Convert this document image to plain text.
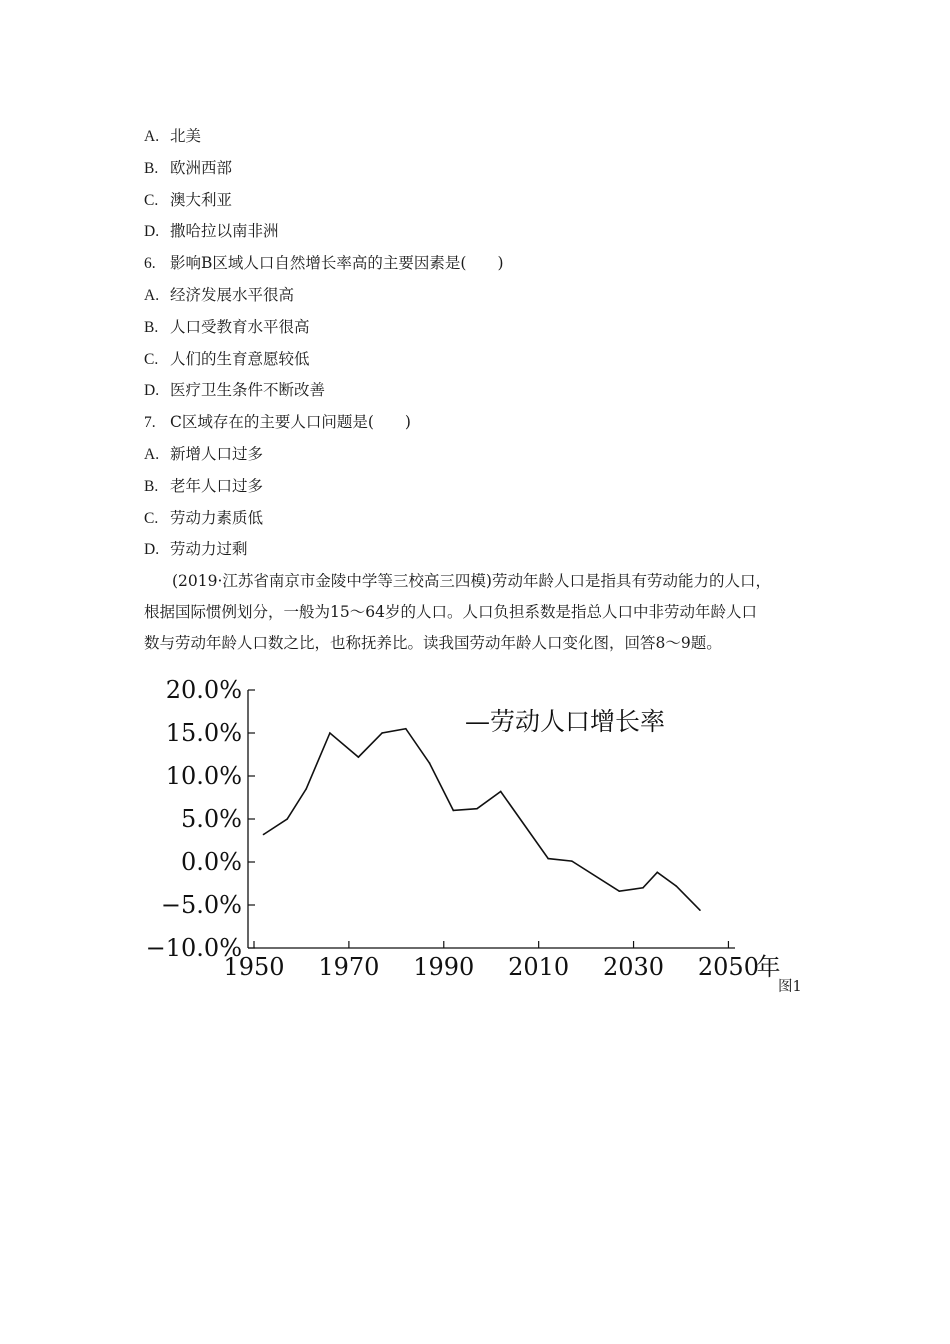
A. 北美
B. 欧洲西部
C. 澳大利亚
D. 撒哈拉以南非洲
6. 影响B区域人口自然增长率高的主要因素是(　　)
A. 经济发展水平很高
B. 人口受教育水平很高
C. 人们的生育意愿较低
D. 医疗卫生条件不断改善
7. C区域存在的主要人口问题是(　　)
A. 新增人口过多
B. 老年人口过多
C. 劳动力素质低
D. 劳动力过剩
(2019·江苏省南京市金陵中学等三校高三四模)劳动年龄人口是指具有劳动能力的人口，
根据国际惯例划分，一般为15～64岁的人口。人口负担系数是指总人口中非劳动年龄人口
数与劳动年龄人口数之比，也称抚养比。读我国劳动年龄人口变化图，回答8～9题。
20.0%
15.0%
10.0%
5.0%
0.0%
−5.0%
−10.0%
1950 1970 1990 2010 2030 2050
年
—劳动人口增长率
图1
